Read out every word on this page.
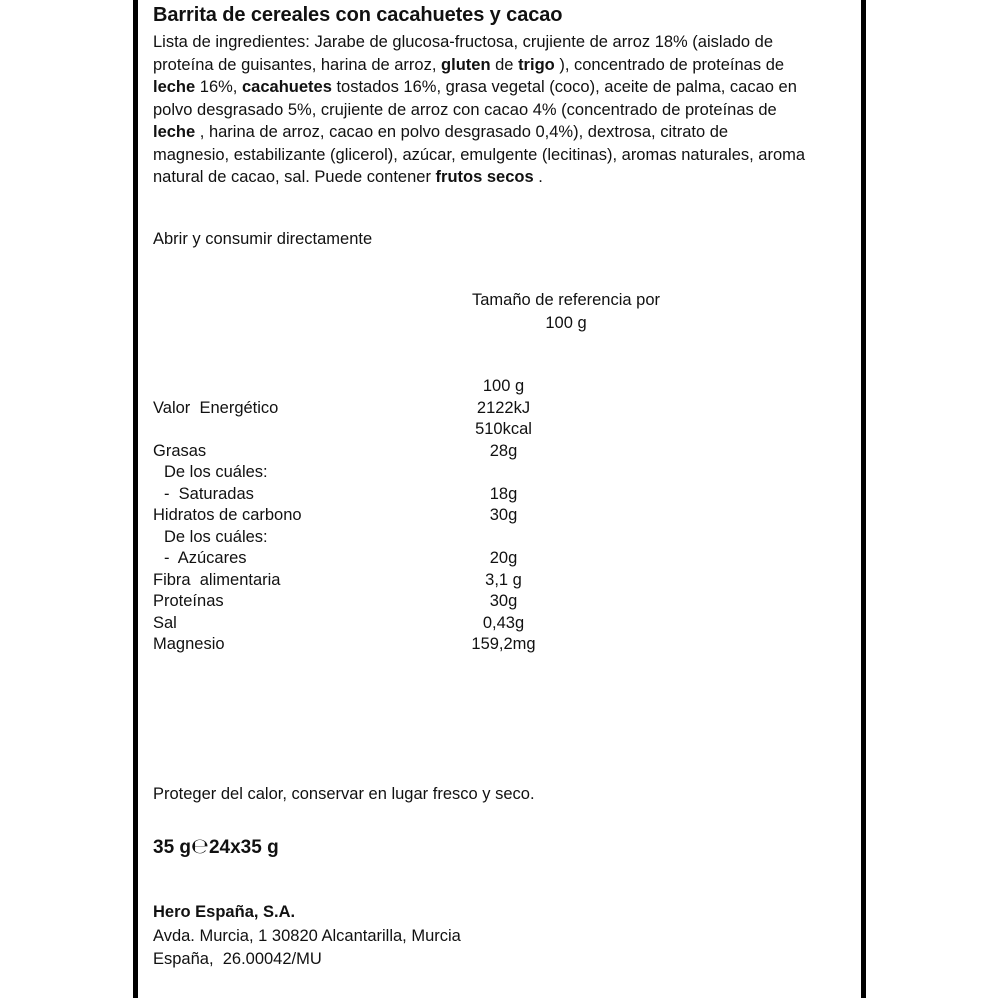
Barrita de cereales con cacahuetes y cacao
Lista de ingredientes: Jarabe de glucosa-fructosa, crujiente de arroz 18% (aislado de proteína de guisantes, harina de arroz, gluten de trigo ), concentrado de proteínas de leche 16%, cacahuetes tostados 16%, grasa vegetal (coco), aceite de palma, cacao en polvo desgrasado 5%, crujiente de arroz con cacao 4% (concentrado de proteínas de leche , harina de arroz, cacao en polvo desgrasado 0,4%), dextrosa, citrato de magnesio, estabilizante (glicerol), azúcar, emulgente (lecitinas), aromas naturales, aroma natural de cacao, sal. Puede contener frutos secos .
Abrir y consumir directamente
Tamaño de referencia por
100 g
100 g
Valor  Energético	2122kJ
510kcal
Grasas	28g
De los cuáles:
-  Saturadas	18g
Hidratos de carbono	30g
De los cuáles:
-  Azúcares	20g
Fibra  alimentaria	3,1 g
Proteínas	30g
Sal	0,43g
Magnesio	159,2mg
Proteger del calor, conservar en lugar fresco y seco.
35 g℮24x35 g
Hero España, S.A.
Avda. Murcia, 1 30820 Alcantarilla, Murcia
España,  26.00042/MU
